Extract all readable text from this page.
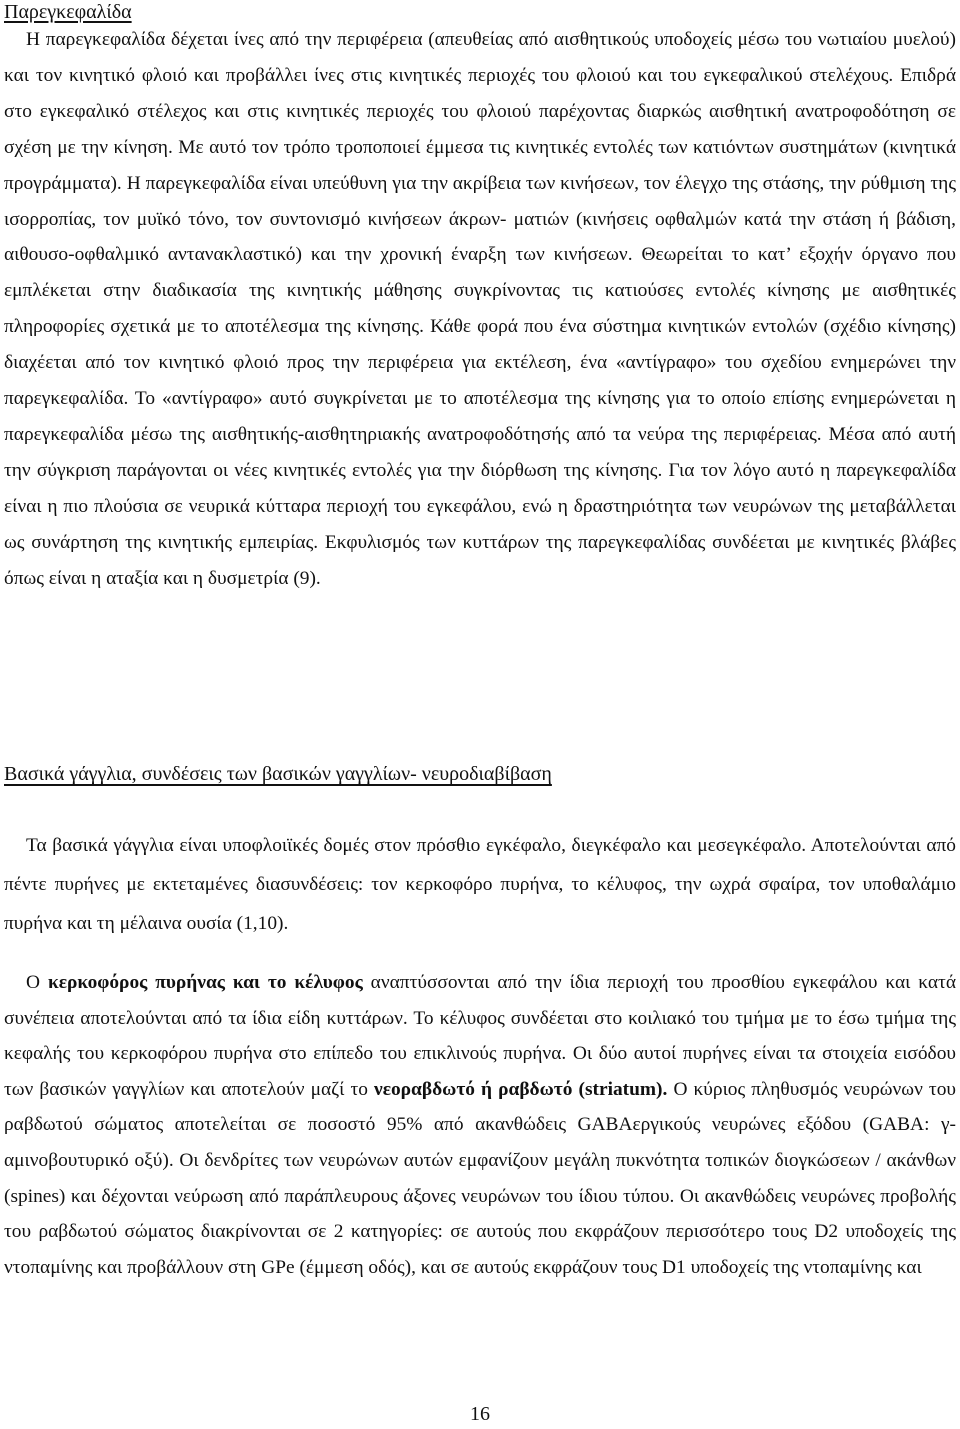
Παρεγκεφαλίδα

Η παρεγκεφαλίδα δέχεται ίνες από την περιφέρεια (απευθείας από αισθητικούς υποδοχείς μέσω του νωτιαίου μυελού) και τον κινητικό φλοιό και προβάλλει ίνες στις κινητικές περιοχές του φλοιού και του εγκεφαλικού στελέχους. Επιδρά στο εγκεφαλικό στέλεχος και στις κινητικές περιοχές του φλοιού παρέχοντας διαρκώς αισθητική ανατροφοδότηση σε σχέση με την κίνηση. Με αυτό τον τρόπο τροποποιεί έμμεσα τις κινητικές εντολές των κατιόντων συστημάτων (κινητικά προγράμματα). Η παρεγκεφαλίδα είναι υπεύθυνη για την ακρίβεια των κινήσεων, τον έλεγχο της στάσης, την ρύθμιση της ισορροπίας, τον μυϊκό τόνο, τον συντονισμό κινήσεων άκρων- ματιών (κινήσεις οφθαλμών κατά την στάση ή βάδιση, αιθουσο-οφθαλμικό αντανακλαστικό) και την χρονική έναρξη των κινήσεων. Θεωρείται το κατ’ εξοχήν όργανο που εμπλέκεται στην διαδικασία της κινητικής μάθησης συγκρίνοντας τις κατιούσες εντολές κίνησης με αισθητικές πληροφορίες σχετικά με το αποτέλεσμα της κίνησης. Κάθε φορά που ένα σύστημα κινητικών εντολών (σχέδιο κίνησης) διαχέεται από τον κινητικό φλοιό προς την περιφέρεια για εκτέλεση, ένα «αντίγραφο» του σχεδίου ενημερώνει την παρεγκεφαλίδα. Το «αντίγραφο» αυτό συγκρίνεται με το αποτέλεσμα της κίνησης για το οποίο επίσης ενημερώνεται η παρεγκεφαλίδα μέσω της αισθητικής-αισθητηριακής ανατροφοδότησής από τα νεύρα της περιφέρειας. Μέσα από αυτή την σύγκριση παράγονται οι νέες κινητικές εντολές για την διόρθωση της κίνησης. Για τον λόγο αυτό η παρεγκεφαλίδα είναι η πιο πλούσια σε νευρικά κύτταρα περιοχή του εγκεφάλου, ενώ η δραστηριότητα των νευρώνων της μεταβάλλεται ως συνάρτηση της κινητικής εμπειρίας. Εκφυλισμός των κυττάρων της παρεγκεφαλίδας συνδέεται με κινητικές βλάβες όπως είναι η αταξία και η δυσμετρία (9).

Βασικά γάγγλια, συνδέσεις των βασικών γαγγλίων- νευροδιαβίβαση

Τα βασικά γάγγλια είναι υποφλοιϊκές δομές στον πρόσθιο εγκέφαλο, διεγκέφαλο και μεσεγκέφαλο. Αποτελούνται από πέντε πυρήνες με εκτεταμένες διασυνδέσεις: τον κερκοφόρο πυρήνα, το κέλυφος, την ωχρά σφαίρα, τον υποθαλάμιο πυρήνα και τη μέλαινα ουσία (1,10).

Ο κερκοφόρος πυρήνας και το κέλυφος αναπτύσσονται από την ίδια περιοχή του προσθίου εγκεφάλου και κατά συνέπεια αποτελούνται από τα ίδια είδη κυττάρων. Το κέλυφος συνδέεται στο κοιλιακό του τμήμα με το έσω τμήμα της κεφαλής του κερκοφόρου πυρήνα στο επίπεδο του επικλινούς πυρήνα. Οι δύο αυτοί πυρήνες είναι τα στοιχεία εισόδου των βασικών γαγγλίων και αποτελούν μαζί το νεοραβδωτό ή ραβδωτό (striatum). Ο κύριος πληθυσμός νευρώνων του ραβδωτού σώματος αποτελείται σε ποσοστό 95% από ακανθώδεις GABAεργικούς νευρώνες εξόδου (GABA: γ-αμινοβουτυρικό οξύ). Οι δενδρίτες των νευρώνων αυτών εμφανίζουν μεγάλη πυκνότητα τοπικών διογκώσεων / ακάνθων (spines) και δέχονται νεύρωση από παράπλευρους άξονες νευρώνων του ίδιου τύπου. Οι ακανθώδεις νευρώνες προβολής του ραβδωτού σώματος διακρίνονται σε 2 κατηγορίες: σε αυτούς που εκφράζουν περισσότερο τους D2 υποδοχείς της ντοπαμίνης και προβάλλουν στη GPe (έμμεση οδός), και σε αυτούς εκφράζουν τους D1 υποδοχείς της ντοπαμίνης και

16
